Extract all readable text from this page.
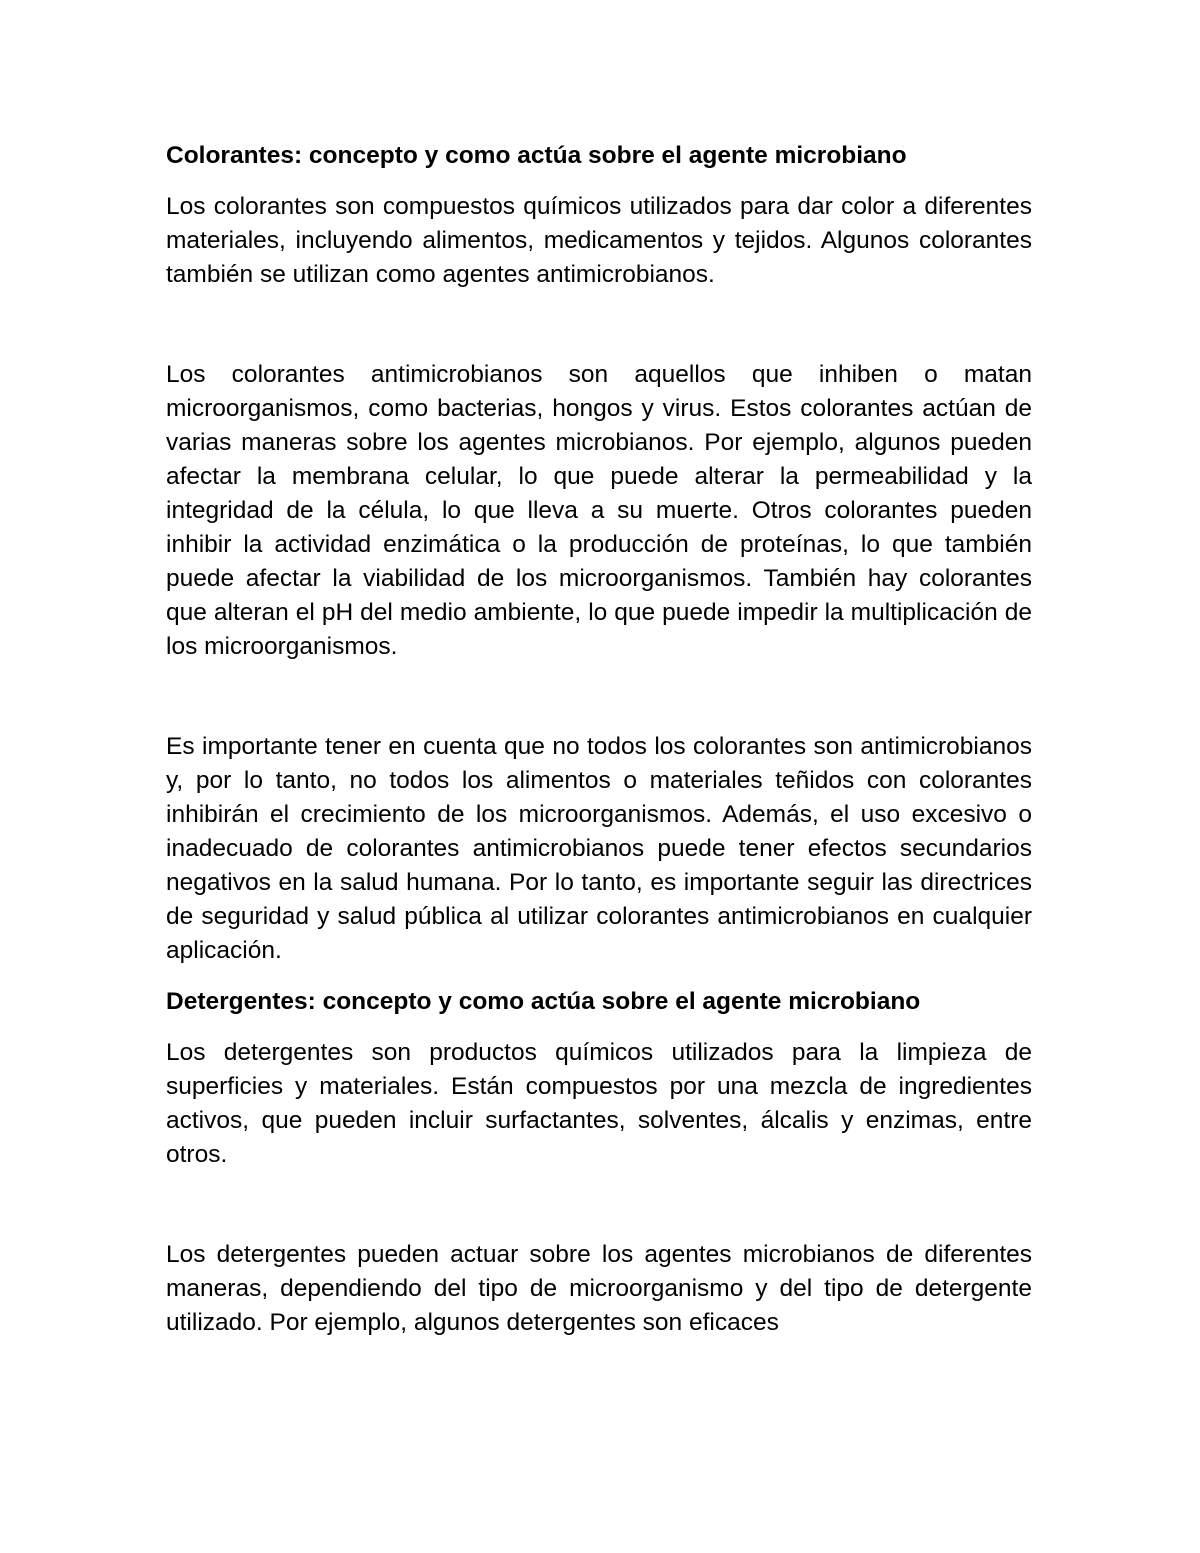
Colorantes: concepto y como actúa sobre el agente microbiano

Los colorantes son compuestos químicos utilizados para dar color a diferentes materiales, incluyendo alimentos, medicamentos y tejidos. Algunos colorantes también se utilizan como agentes antimicrobianos.

Los colorantes antimicrobianos son aquellos que inhiben o matan microorganismos, como bacterias, hongos y virus. Estos colorantes actúan de varias maneras sobre los agentes microbianos. Por ejemplo, algunos pueden afectar la membrana celular, lo que puede alterar la permeabilidad y la integridad de la célula, lo que lleva a su muerte. Otros colorantes pueden inhibir la actividad enzimática o la producción de proteínas, lo que también puede afectar la viabilidad de los microorganismos. También hay colorantes que alteran el pH del medio ambiente, lo que puede impedir la multiplicación de los microorganismos.

Es importante tener en cuenta que no todos los colorantes son antimicrobianos y, por lo tanto, no todos los alimentos o materiales teñidos con colorantes inhibirán el crecimiento de los microorganismos. Además, el uso excesivo o inadecuado de colorantes antimicrobianos puede tener efectos secundarios negativos en la salud humana. Por lo tanto, es importante seguir las directrices de seguridad y salud pública al utilizar colorantes antimicrobianos en cualquier aplicación.

Detergentes: concepto y como actúa sobre el agente microbiano

Los detergentes son productos químicos utilizados para la limpieza de superficies y materiales. Están compuestos por una mezcla de ingredientes activos, que pueden incluir surfactantes, solventes, álcalis y enzimas, entre otros.

Los detergentes pueden actuar sobre los agentes microbianos de diferentes maneras, dependiendo del tipo de microorganismo y del tipo de detergente utilizado. Por ejemplo, algunos detergentes son eficaces
